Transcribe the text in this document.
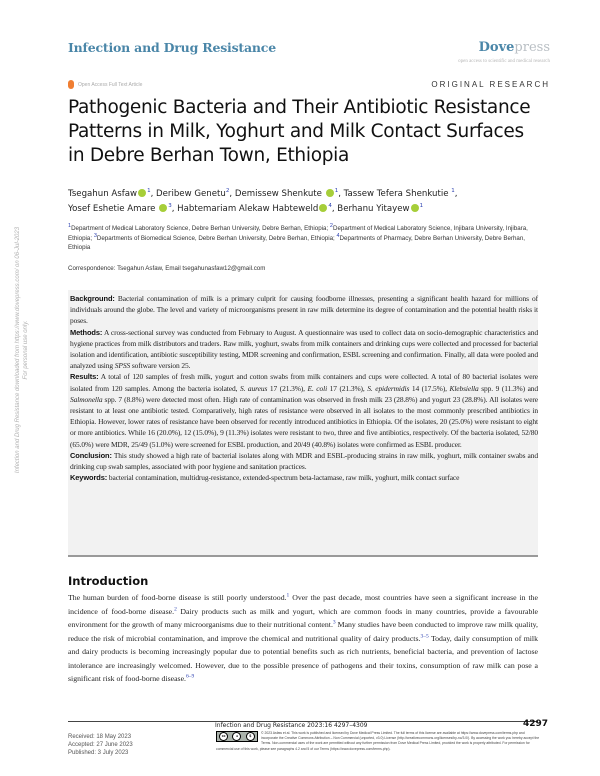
Infection and Drug Resistance	Dovepress
open access to scientific and medical research
Open Access Full Text Article	ORIGINAL RESEARCH
Infection and Drug Resistance downloaded from https://www.dovepress.com/ on 06-Jul-2023 For personal use only.
Pathogenic Bacteria and Their Antibiotic Resistance Patterns in Milk, Yoghurt and Milk Contact Surfaces in Debre Berhan Town, Ethiopia
Tsegahun Asfaw $^1$, Deribew Genetu$^2$, Demissew Shenkute $^1$, Tassew Tefera Shenkutie $^1$,
Yosef Eshetie Amare $^3$, Habtemariam Alekaw Habteweld $^4$, Berhanu Yitayew $^1$
$^1$Department of Medical Laboratory Science, Debre Berhan University, Debre Berhan, Ethiopia; $^2$Department of Medical Laboratory Science, Injibara University, Injibara, Ethiopia; $^3$Departments of Biomedical Science, Debre Berhan University, Debre Berhan, Ethiopia; $^4$Departments of Pharmacy, Debre Berhan University, Debre Berhan, Ethiopia
Correspondence: Tsegahun Asfaw, Email tsegahunasfaw12@gmail.com

Background: Bacterial contamination of milk is a primary culprit for causing foodborne illnesses, presenting a significant health hazard for millions of individuals around the globe. The level and variety of microorganisms present in raw milk determine its degree of contamination and the potential health risks it poses.

Methods: A cross-sectional survey was conducted from February to August. A questionnaire was used to collect data on socio-demographic characteristics and hygiene practices from milk distributors and traders. Raw milk, yoghurt, swabs from milk containers and drinking cups were collected and processed for bacterial isolation and identification, antibiotic susceptibility testing, MDR screening and confirmation, ESBL screening and confirmation. Finally, all data were pooled and analyzed using SPSS software version 25.

Results: A total of 120 samples of fresh milk, yogurt and cotton swabs from milk containers and cups were collected. A total of 80 bacterial isolates were isolated from 120 samples. Among the bacteria isolated, S. aureus 17 (21.3%), E. coli 17 (21.3%), S. epidermidis 14 (17.5%), Klebsiella spp. 9 (11.3%) and Salmonella spp. 7 (8.8%) were detected most often. High rate of contamination was observed in fresh milk 23 (28.8%) and yogurt 23 (28.8%). All isolates were resistant to at least one antibiotic tested. Comparatively, high rates of resistance were observed in all isolates to the most commonly prescribed antibiotics in Ethiopia. However, lower rates of resistance have been observed for recently introduced antibiotics in Ethiopia. Of the isolates, 20 (25.0%) were resistant to eight or more antibiotics. While 16 (20.0%), 12 (15.0%), 9 (11.3%) isolates were resistant to two, three and five antibiotics, respectively. Of the bacteria isolated, 52/80 (65.0%) were MDR, 25/49 (51.0%) were screened for ESBL production, and 20/49 (40.8%) isolates were confirmed as ESBL producer.

Conclusion: This study showed a high rate of bacterial isolates along with MDR and ESBL-producing strains in raw milk, yoghurt, milk container swabs and drinking cup swab samples, associated with poor hygiene and sanitation practices.

Keywords: bacterial contamination, multidrug-resistance, extended-spectrum beta-lactamase, raw milk, yoghurt, milk contact surface

Introduction

The human burden of food-borne disease is still poorly understood.$^1$ Over the past decade, most countries have seen a significant increase in the incidence of food-borne disease.$^2$ Dairy products such as milk and yogurt, which are common foods in many countries, provide a favourable environment for the growth of many microorganisms due to their nutritional content.$^3$ Many studies have been conducted to improve raw milk quality, reduce the risk of microbial contamination, and improve the chemical and nutritional quality of dairy products.$^{3-5}$ Today, daily consumption of milk and dairy products is becoming increasingly popular due to potential benefits such as rich nutrients, beneficial bacteria, and prevention of lactose intolerance are increasingly welcomed. However, due to the possible presence of pathogens and their toxins, consumption of raw milk can pose a significant risk of food-borne disease.$^{6-9}$

Received: 18 May 2023
Accepted: 27 June 2023
Published: 3 July 2023
Infection and Drug Resistance 2023:16 4297–4309	4297
cc	●	$
© 2023 Asfaw et al. This work is published and licensed by Dove Medical Press Limited. The full terms of this license are available at https://www.dovepress.com/terms.php and incorporate the Creative Commons Attribution – Non Commercial (unported, v3.0) License (http://creativecommons.org/licenses/by-nc/3.0/). By accessing the work you hereby accept the Terms. Non-commercial uses of the work are permitted without any further permission from Dove Medical Press Limited, provided the work is properly attributed. For permission for commercial use of this work, please see paragraphs 4.2 and 5 of our Terms (https://www.dovepress.com/terms.php).
